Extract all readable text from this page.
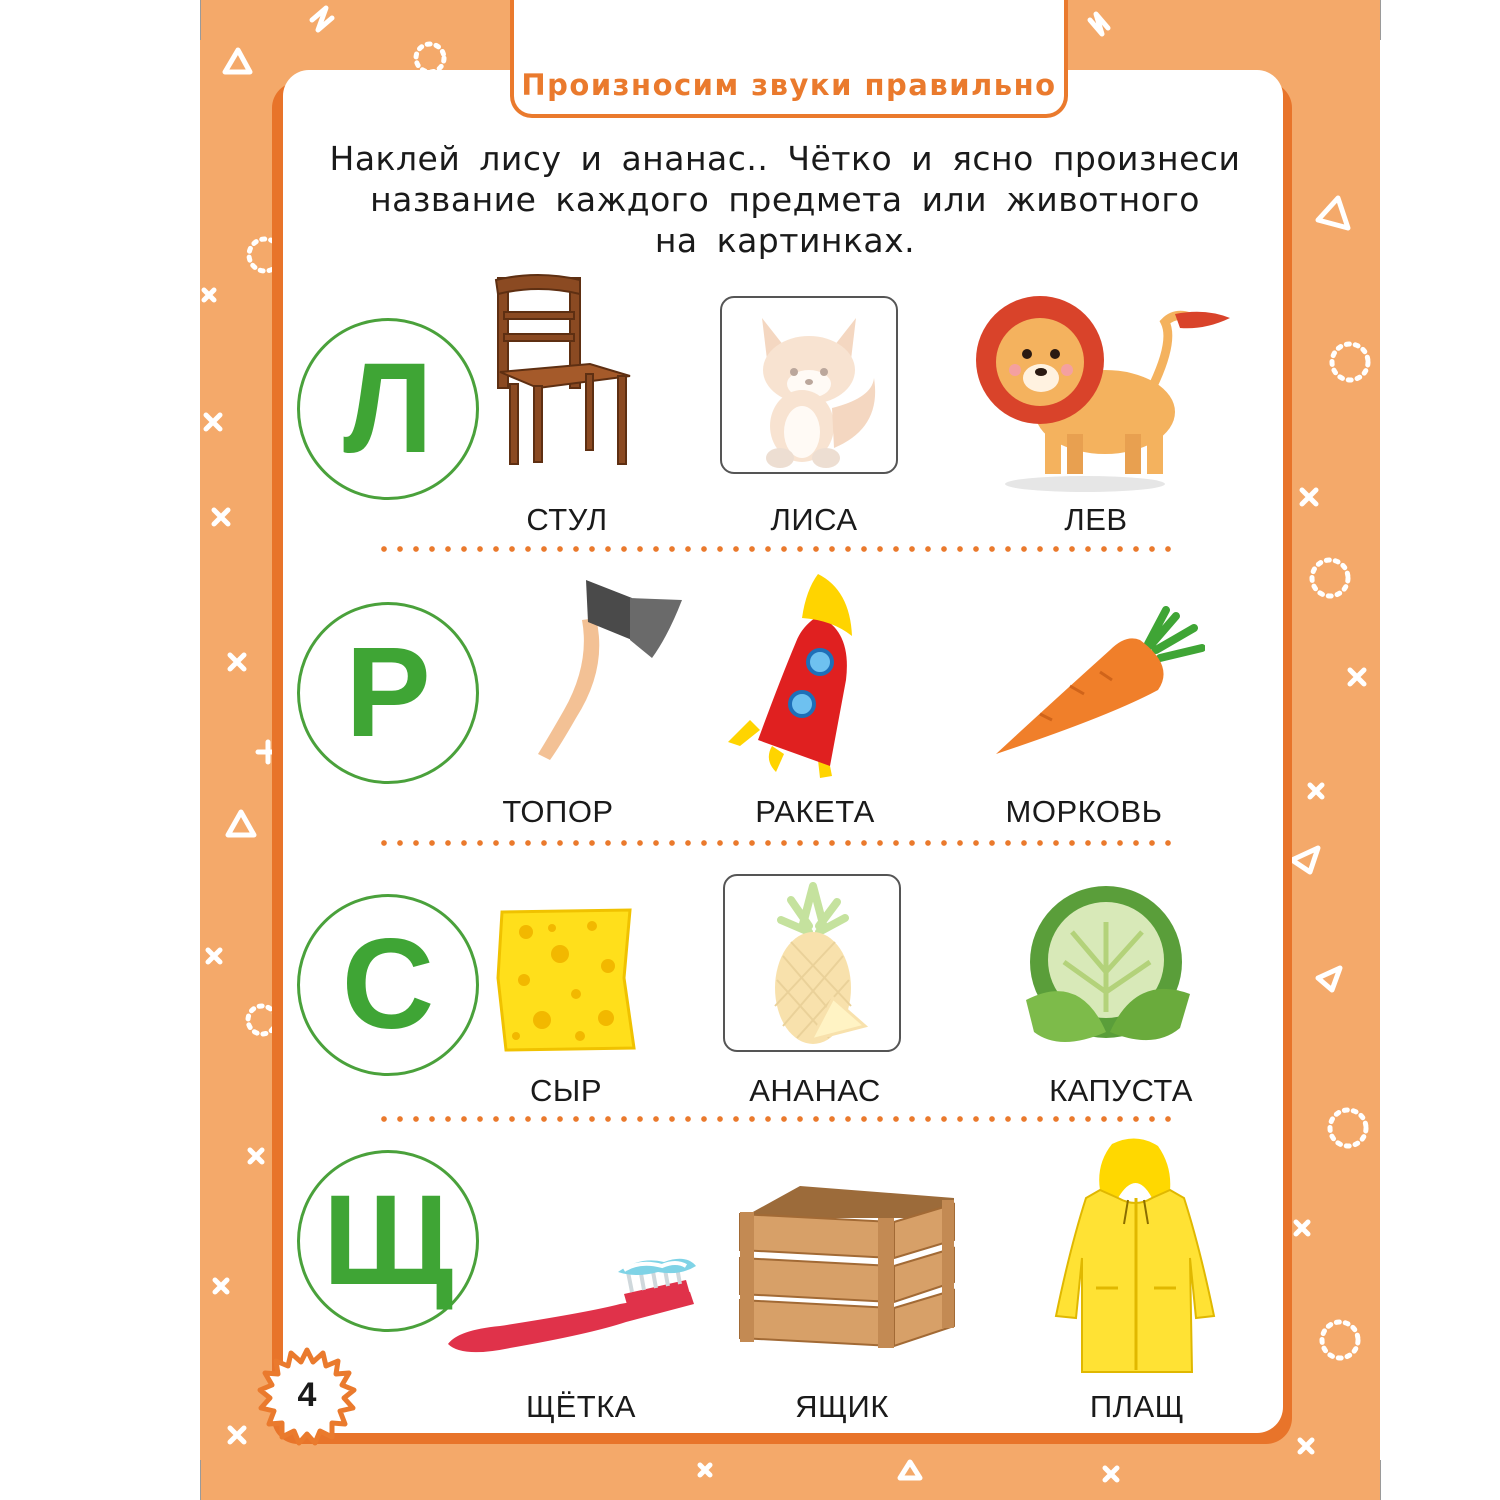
Произносим звуки правильно
Наклей лису и ананас.. Чётко и ясно произнеси
название каждого предмета или животного
на картинках.
Л
СТУЛ	ЛИСА	ЛЕВ
Р
ТОПОР	РАКЕТА	МОРКОВЬ
С
СЫР	АНАНАС	КАПУСТА
Щ
ЩЁТКА	ЯЩИК	ПЛАЩ
4
